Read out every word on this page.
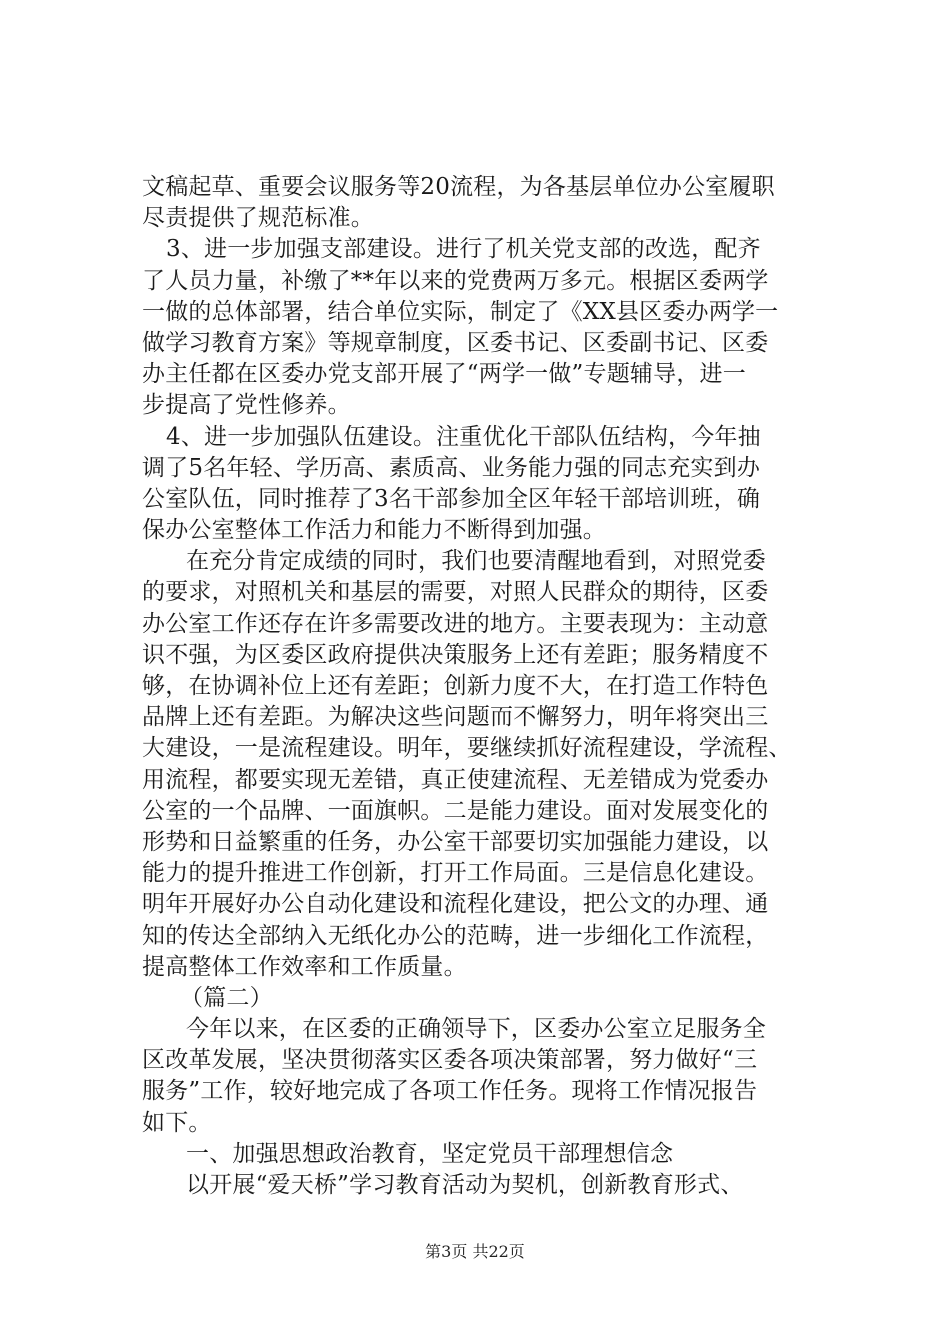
文稿起草、重要会议服务等20流程，为各基层单位办公室履职
尽责提供了规范标准。
3、进一步加强支部建设。进行了机关党支部的改选，配齐
了人员力量，补缴了**年以来的党费两万多元。根据区委两学
一做的总体部署，结合单位实际，制定了《XX县区委办两学一
做学习教育方案》等规章制度，区委书记、区委副书记、区委
办主任都在区委办党支部开展了“两学一做”专题辅导，进一
步提高了党性修养。
4、进一步加强队伍建设。注重优化干部队伍结构，今年抽
调了5名年轻、学历高、素质高、业务能力强的同志充实到办
公室队伍，同时推荐了3名干部参加全区年轻干部培训班，确
保办公室整体工作活力和能力不断得到加强。
在充分肯定成绩的同时，我们也要清醒地看到，对照党委
的要求，对照机关和基层的需要，对照人民群众的期待，区委
办公室工作还存在许多需要改进的地方。主要表现为：主动意
识不强，为区委区政府提供决策服务上还有差距；服务精度不
够，在协调补位上还有差距；创新力度不大，在打造工作特色
品牌上还有差距。为解决这些问题而不懈努力，明年将突出三
大建设，一是流程建设。明年，要继续抓好流程建设，学流程、
用流程，都要实现无差错，真正使建流程、无差错成为党委办
公室的一个品牌、一面旗帜。二是能力建设。面对发展变化的
形势和日益繁重的任务，办公室干部要切实加强能力建设，以
能力的提升推进工作创新，打开工作局面。三是信息化建设。
明年开展好办公自动化建设和流程化建设，把公文的办理、通
知的传达全部纳入无纸化办公的范畴，进一步细化工作流程，
提高整体工作效率和工作质量。
（篇二）
今年以来，在区委的正确领导下，区委办公室立足服务全
区改革发展，坚决贯彻落实区委各项决策部署，努力做好“三
服务”工作，较好地完成了各项工作任务。现将工作情况报告
如下。
一、加强思想政治教育，坚定党员干部理想信念
以开展“爱天桥”学习教育活动为契机，创新教育形式、
第3页 共22页
